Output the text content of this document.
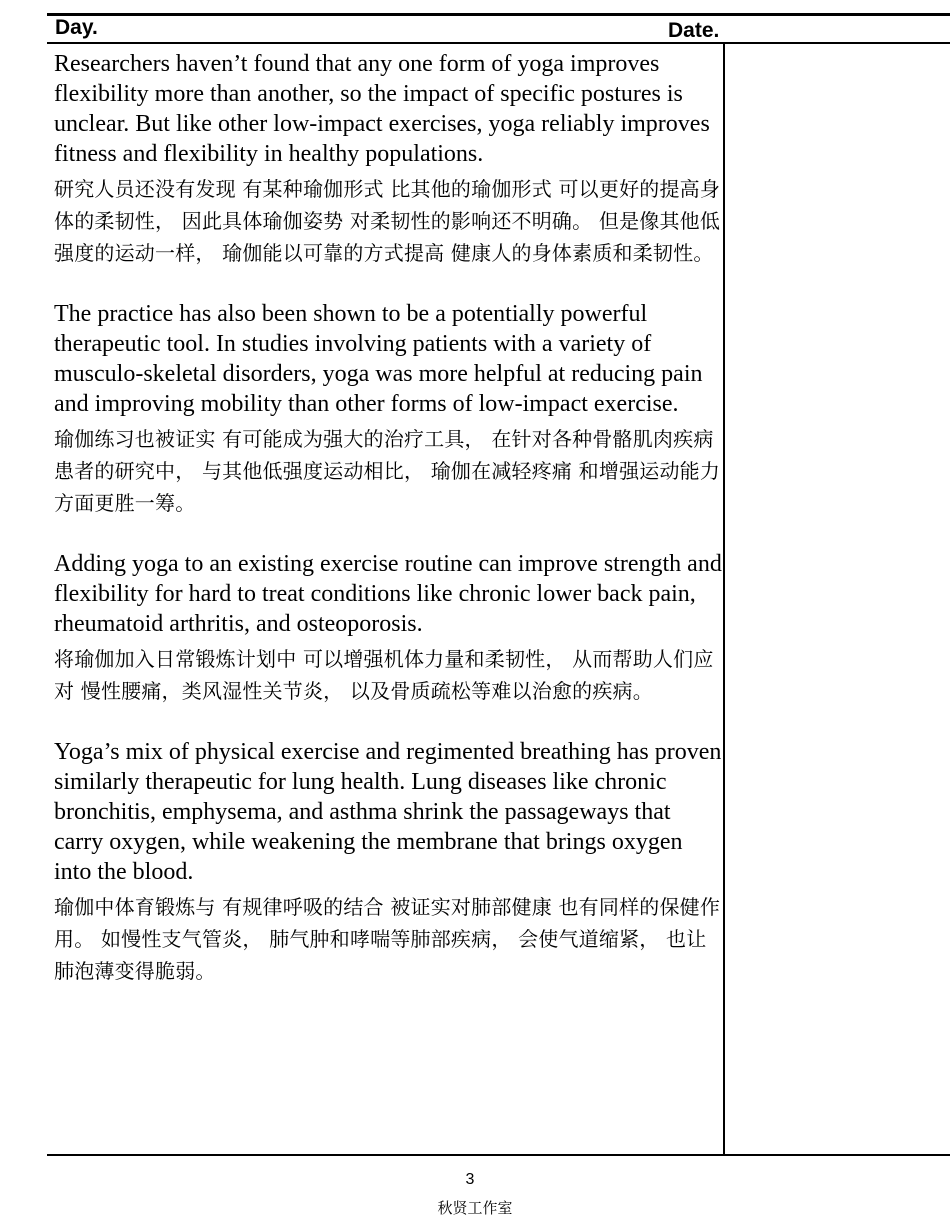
Day.	Date.

Researchers haven’t found that any one form of yoga improves flexibility more than another, so the impact of specific postures is unclear. But like other low-impact exercises, yoga reliably improves fitness and flexibility in healthy populations.

研究人员还没有发现 有某种瑜伽形式 比其他的瑜伽形式 可以更好的提高身体的柔韧性， 因此具体瑜伽姿势 对柔韧性的影响还不明确。 但是像其他低强度的运动一样， 瑜伽能以可靠的方式提高 健康人的身体素质和柔韧性。

The practice has also been shown to be a potentially powerful therapeutic tool. In studies involving patients with a variety of musculo-skeletal disorders, yoga was more helpful at reducing pain and improving mobility than other forms of low-impact exercise.

瑜伽练习也被证实 有可能成为强大的治疗工具， 在针对各种骨骼肌肉疾病患者的研究中， 与其他低强度运动相比， 瑜伽在减轻疼痛 和增强运动能力方面更胜一筹。

Adding yoga to an existing exercise routine can improve strength and flexibility for hard to treat conditions like chronic lower back pain, rheumatoid arthritis, and osteoporosis.

将瑜伽加入日常锻炼计划中 可以增强机体力量和柔韧性， 从而帮助人们应对 慢性腰痛，类风湿性关节炎， 以及骨质疏松等难以治愈的疾病。

Yoga’s mix of physical exercise and regimented breathing has proven similarly therapeutic for lung health. Lung diseases like chronic bronchitis, emphysema, and asthma shrink the passageways that carry oxygen, while weakening the membrane that brings oxygen into the blood.

瑜伽中体育锻炼与 有规律呼吸的结合 被证实对肺部健康 也有同样的保健作用。 如慢性支气管炎， 肺气肿和哮喘等肺部疾病， 会使气道缩紧， 也让肺泡薄变得脆弱。

3
秋贤工作室
